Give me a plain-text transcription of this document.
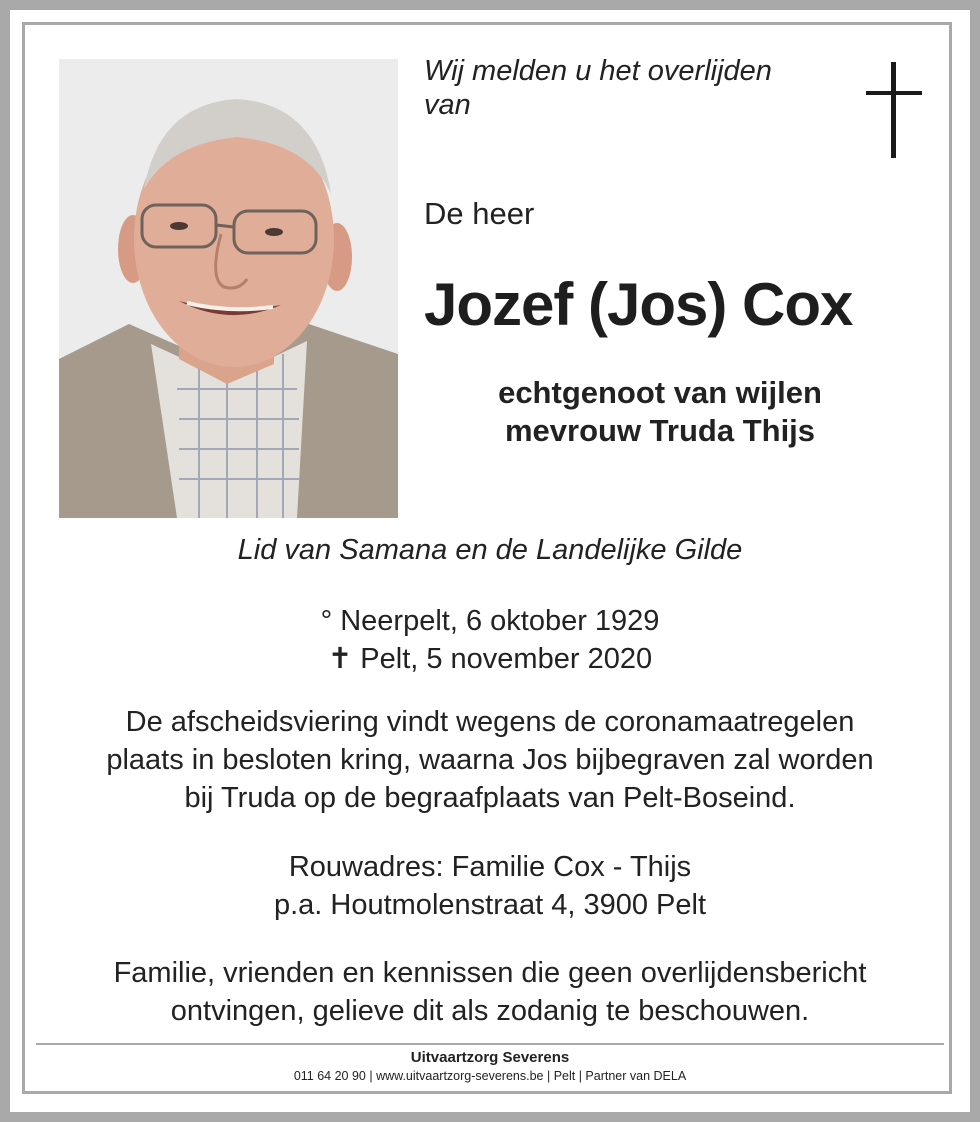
Wij melden u het overlijden
van
De heer
Jozef (Jos) Cox
echtgenoot van wijlen
mevrouw Truda Thijs
Lid van Samana en de Landelijke Gilde
° Neerpelt, 6 oktober 1929
✝ Pelt, 5 november 2020
De afscheidsviering vindt wegens de coronamaatregelen
plaats in besloten kring, waarna Jos bijbegraven zal worden
bij Truda op de begraafplaats van Pelt-Boseind.
Rouwadres: Familie Cox - Thijs
p.a. Houtmolenstraat 4, 3900 Pelt
Familie, vrienden en kennissen die geen overlijdensbericht
ontvingen, gelieve dit als zodanig te beschouwen.
Uitvaartzorg Severens
011 64 20 90 | www.uitvaartzorg-severens.be | Pelt | Partner van DELA
